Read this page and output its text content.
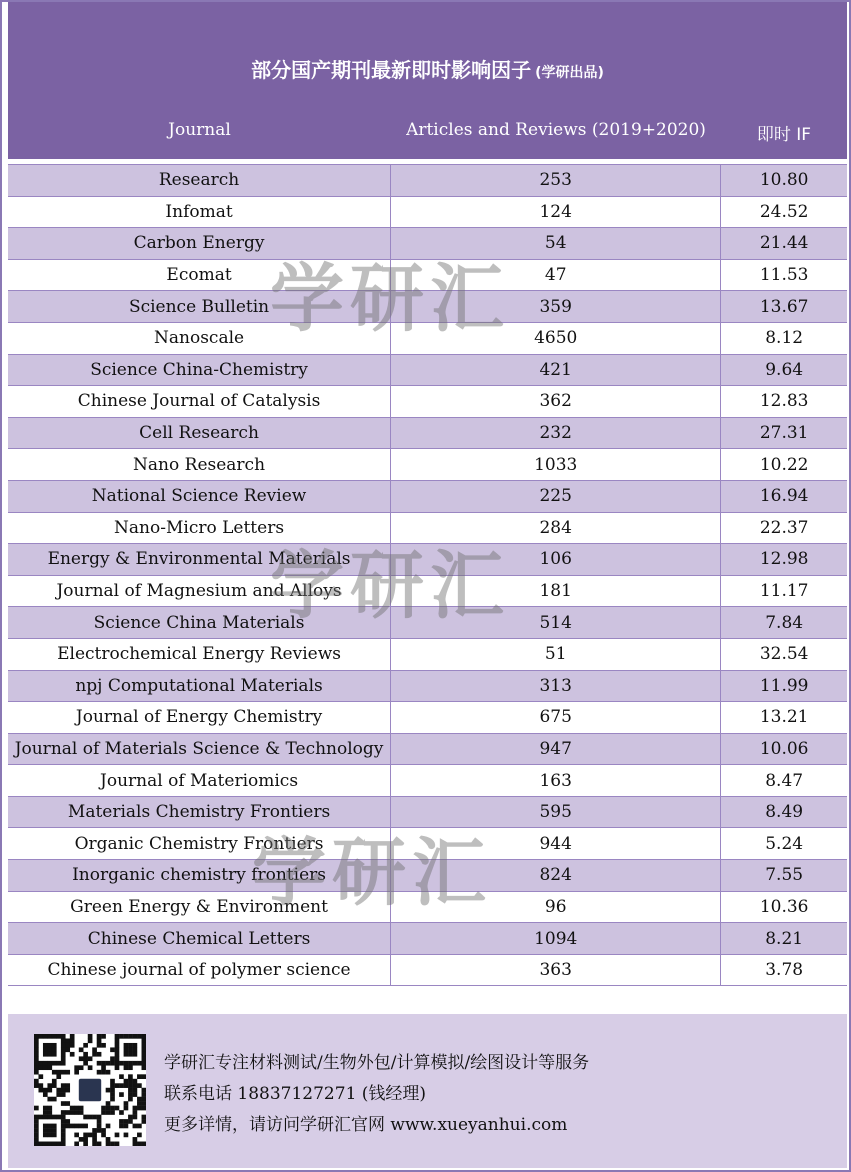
部分国产期刊最新即时影响因子 (学研出品)
Journal	Articles and Reviews (2019+2020)	即时 IF
Research	253	10.80
Infomat	124	24.52
Carbon Energy	54	21.44
Ecomat	47	11.53
Science Bulletin	359	13.67
Nanoscale	4650	8.12
Science China-Chemistry	421	9.64
Chinese Journal of Catalysis	362	12.83
Cell Research	232	27.31
Nano Research	1033	10.22
National Science Review	225	16.94
Nano-Micro Letters	284	22.37
Energy & Environmental Materials	106	12.98
Journal of Magnesium and Alloys	181	11.17
Science China Materials	514	7.84
Electrochemical Energy Reviews	51	32.54
npj Computational Materials	313	11.99
Journal of Energy Chemistry	675	13.21
Journal of Materials Science & Technology	947	10.06
Journal of Materiomics	163	8.47
Materials Chemistry Frontiers	595	8.49
Organic Chemistry Frontiers	944	5.24
Inorganic chemistry frontiers	824	7.55
Green Energy & Environment	96	10.36
Chinese Chemical Letters	1094	8.21
Chinese journal of polymer science	363	3.78
学研汇
学研汇
学研汇
学研汇专注材料测试/生物外包/计算模拟/绘图设计等服务
联系电话 18837127271 (钱经理)
更多详情，请访问学研汇官网 www.xueyanhui.com
